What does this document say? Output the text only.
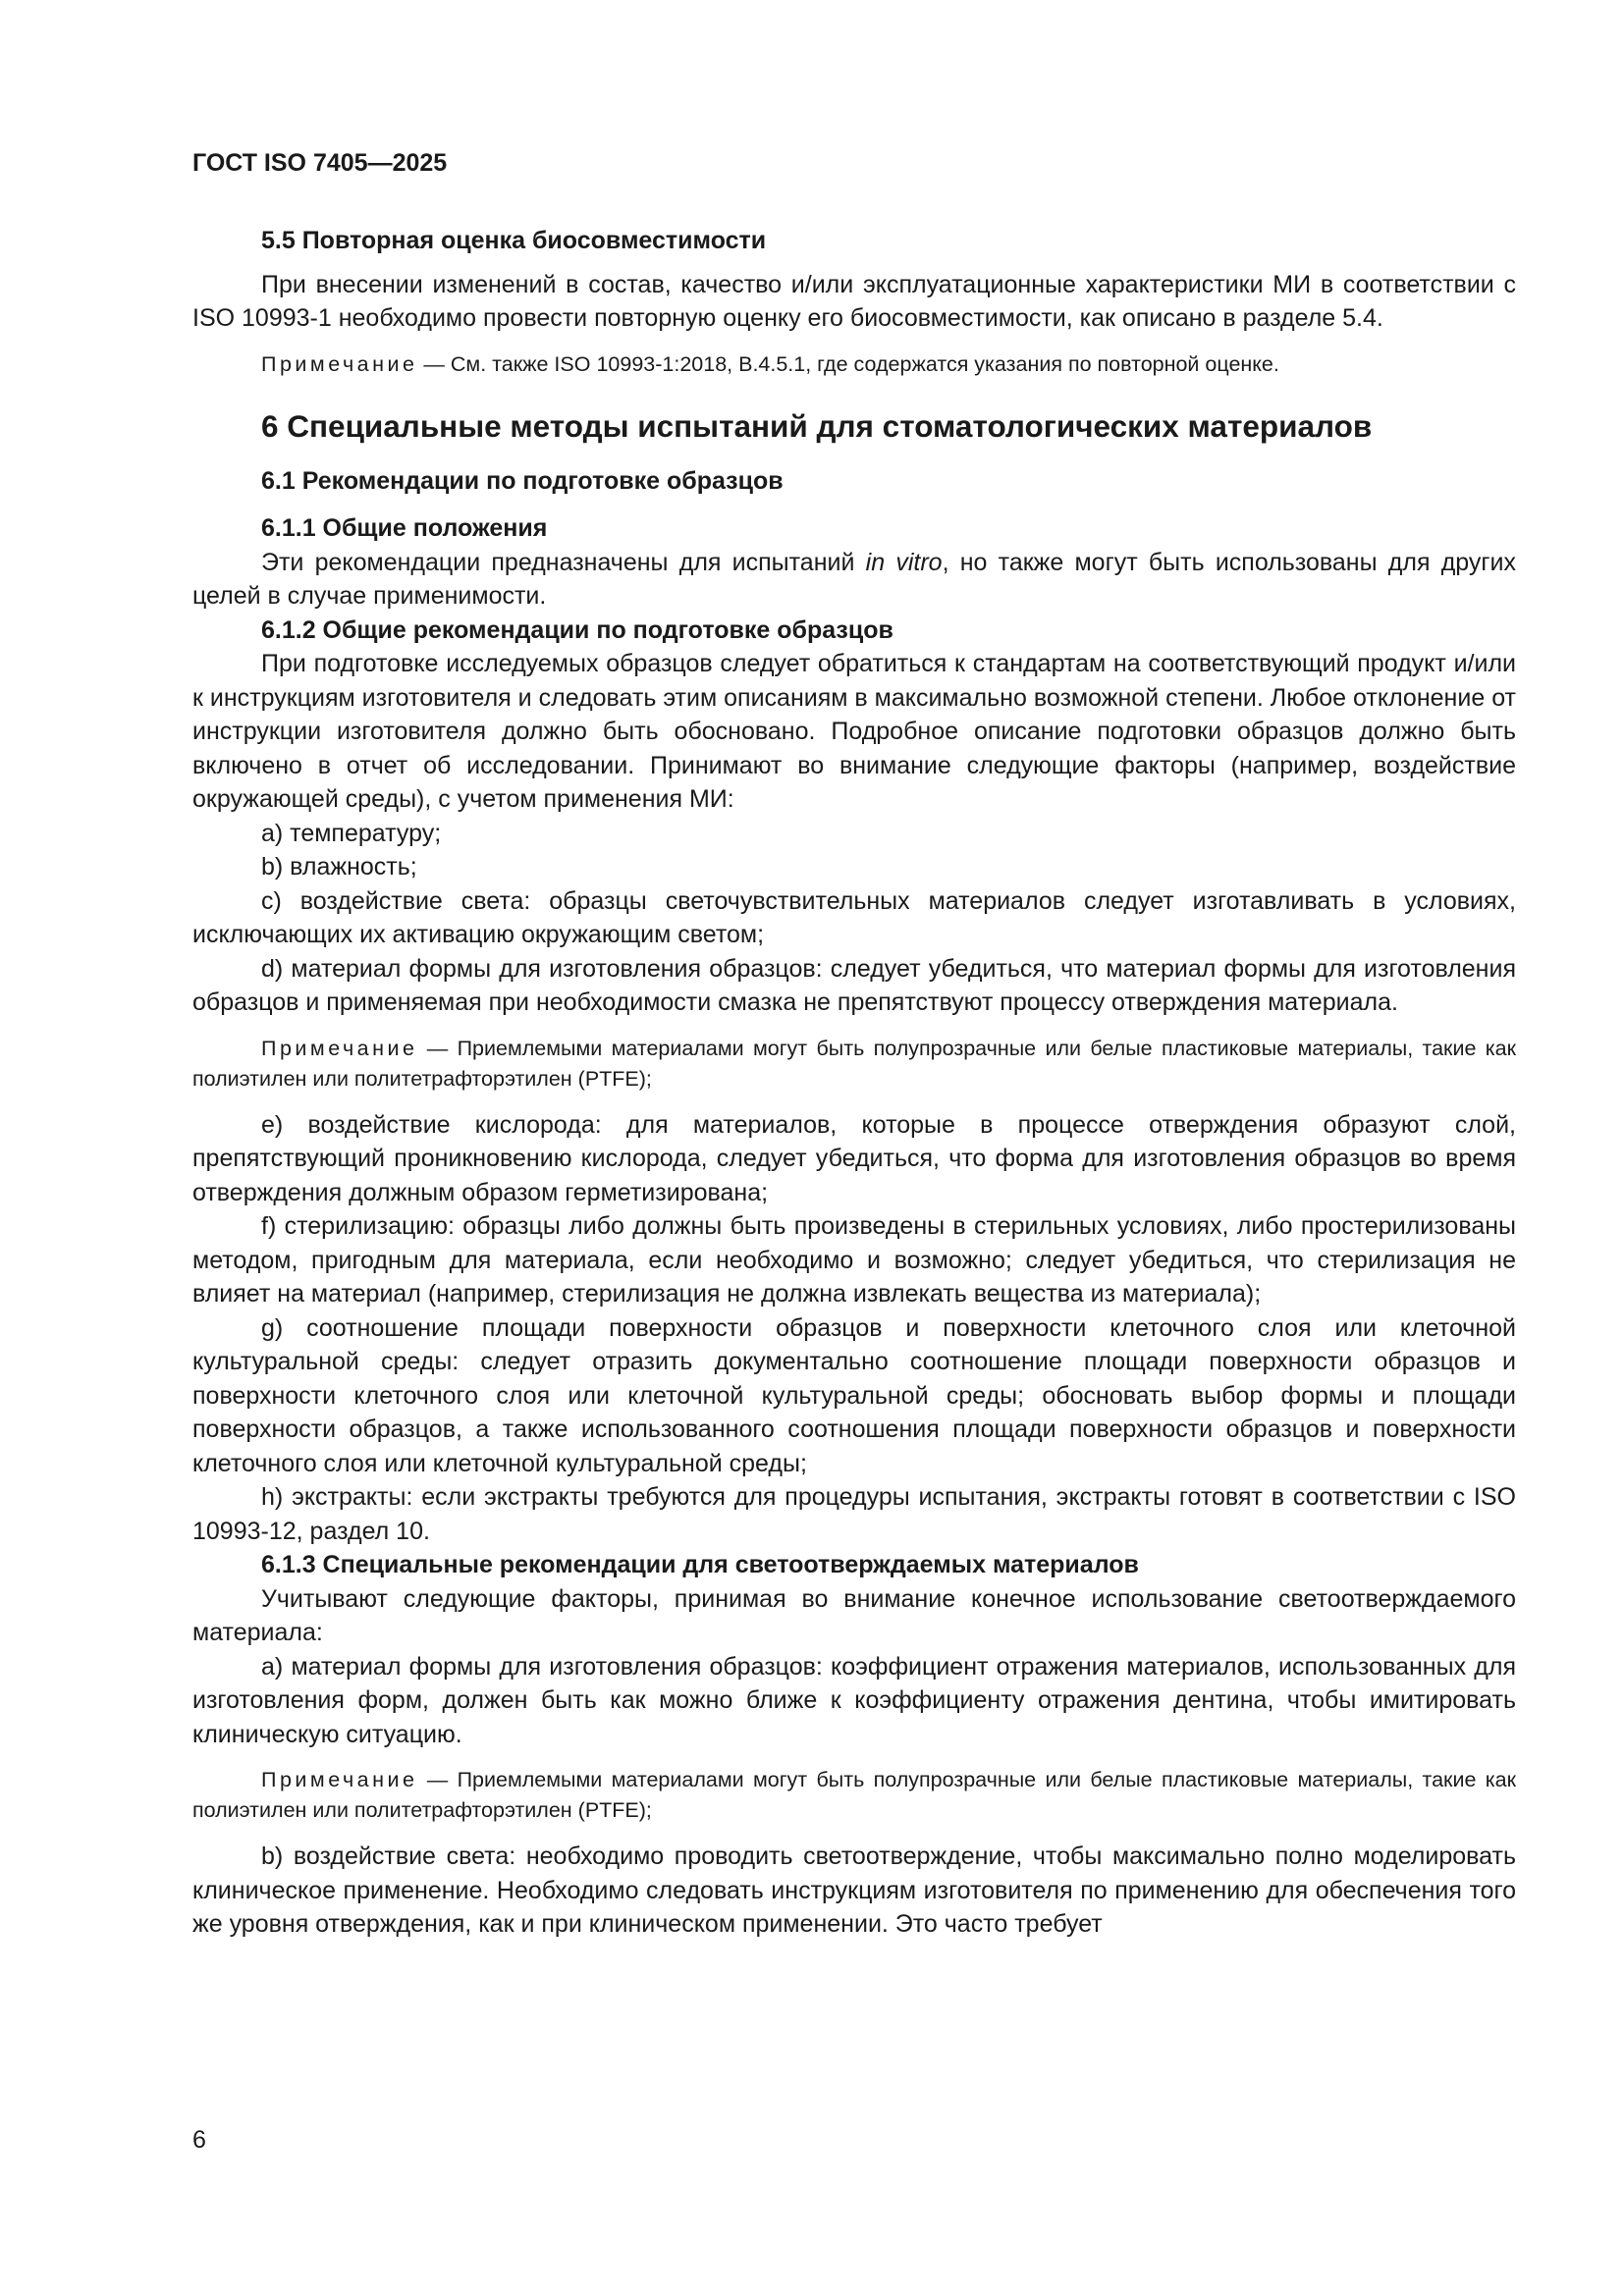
ГОСТ ISO 7405—2025

5.5 Повторная оценка биосовместимости

При внесении изменений в состав, качество и/или эксплуатационные характеристики МИ в соответствии с ISO 10993-1 необходимо провести повторную оценку его биосовместимости, как описано в разделе 5.4.

Примечание — См. также ISO 10993-1:2018, B.4.5.1, где содержатся указания по повторной оценке.

6 Специальные методы испытаний для стоматологических материалов

6.1 Рекомендации по подготовке образцов

6.1.1 Общие положения

Эти рекомендации предназначены для испытаний in vitro, но также могут быть использованы для других целей в случае применимости.

6.1.2 Общие рекомендации по подготовке образцов

При подготовке исследуемых образцов следует обратиться к стандартам на соответствующий продукт и/или к инструкциям изготовителя и следовать этим описаниям в максимально возможной степени. Любое отклонение от инструкции изготовителя должно быть обосновано. Подробное описание подготовки образцов должно быть включено в отчет об исследовании. Принимают во внимание следующие факторы (например, воздействие окружающей среды), с учетом применения МИ:

a) температуру;

b) влажность;

c) воздействие света: образцы светочувствительных материалов следует изготавливать в условиях, исключающих их активацию окружающим светом;

d) материал формы для изготовления образцов: следует убедиться, что материал формы для изготовления образцов и применяемая при необходимости смазка не препятствуют процессу отверждения материала.

Примечание — Приемлемыми материалами могут быть полупрозрачные или белые пластиковые материалы, такие как полиэтилен или политетрафторэтилен (PTFE);

e) воздействие кислорода: для материалов, которые в процессе отверждения образуют слой, препятствующий проникновению кислорода, следует убедиться, что форма для изготовления образцов во время отверждения должным образом герметизирована;

f) стерилизацию: образцы либо должны быть произведены в стерильных условиях, либо простерилизованы методом, пригодным для материала, если необходимо и возможно; следует убедиться, что стерилизация не влияет на материал (например, стерилизация не должна извлекать вещества из материала);

g) соотношение площади поверхности образцов и поверхности клеточного слоя или клеточной культуральной среды: следует отразить документально соотношение площади поверхности образцов и поверхности клеточного слоя или клеточной культуральной среды; обосновать выбор формы и площади поверхности образцов, а также использованного соотношения площади поверхности образцов и поверхности клеточного слоя или клеточной культуральной среды;

h) экстракты: если экстракты требуются для процедуры испытания, экстракты готовят в соответствии с ISO 10993-12, раздел 10.

6.1.3 Специальные рекомендации для светоотверждаемых материалов

Учитывают следующие факторы, принимая во внимание конечное использование светоотверждаемого материала:

a) материал формы для изготовления образцов: коэффициент отражения материалов, использованных для изготовления форм, должен быть как можно ближе к коэффициенту отражения дентина, чтобы имитировать клиническую ситуацию.

Примечание — Приемлемыми материалами могут быть полупрозрачные или белые пластиковые материалы, такие как полиэтилен или политетрафторэтилен (PTFE);

b) воздействие света: необходимо проводить светоотверждение, чтобы максимально полно моделировать клиническое применение. Необходимо следовать инструкциям изготовителя по применению для обеспечения того же уровня отверждения, как и при клиническом применении. Это часто требует

6
